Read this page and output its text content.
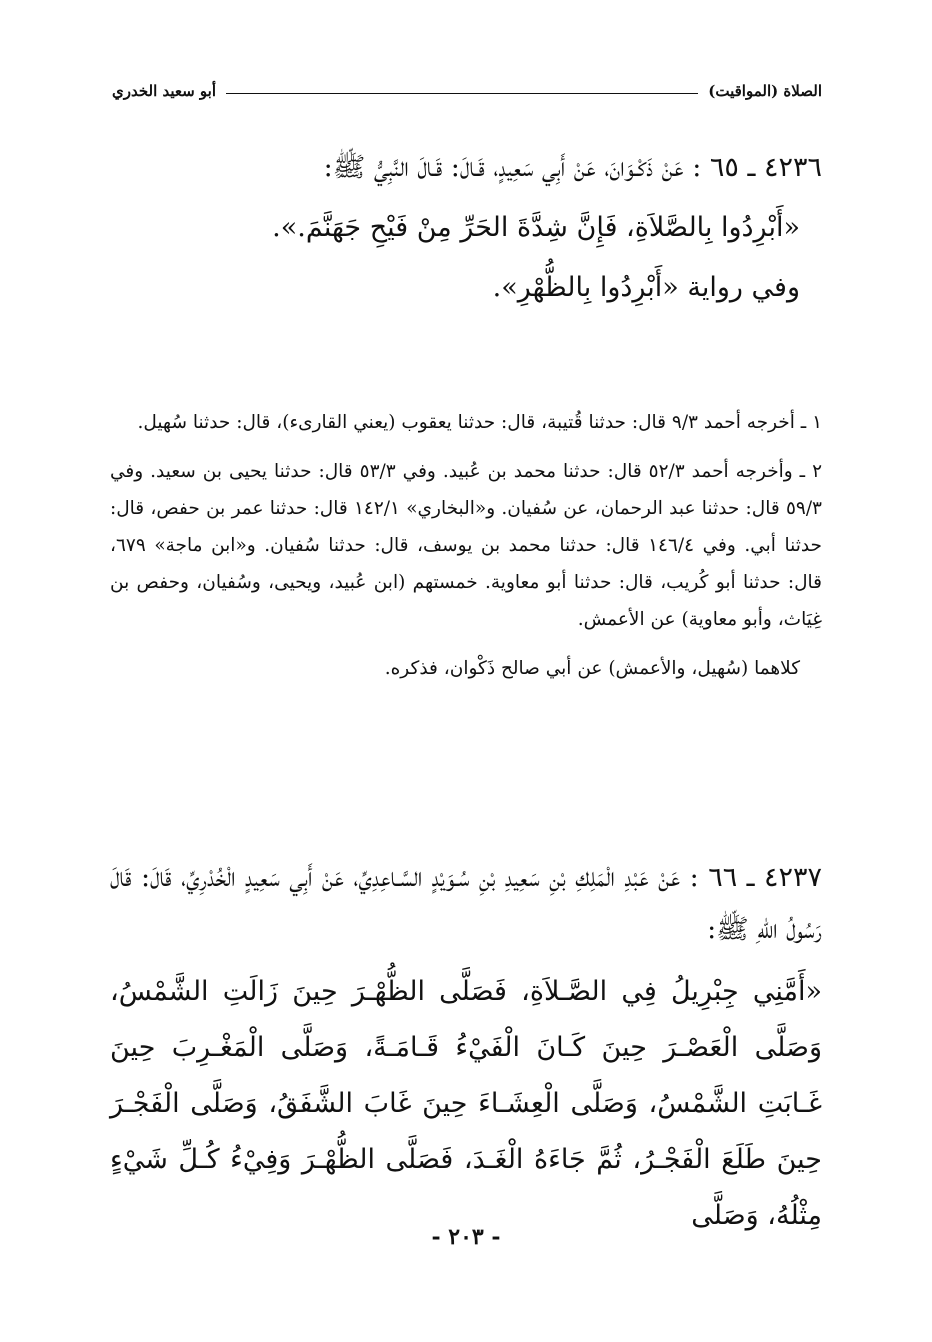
الصلاة (المواقيت)
أبو سعيد الخدري

٤٢٣٦ ـ ٦٥ : عَنْ ذَكْـوَانَ، عَنْ أَبِي سَعِيدٍ، قَـالَ: قَـالَ النَّبِيُّ ﷺ:

«أَبْرِدُوا بِالصَّلاَةِ، فَإِنَّ شِدَّةَ الحَرِّ مِنْ فَيْحِ جَهَنَّمَ.».

وفي رواية «أَبْرِدُوا بِالظُّهْرِ».

١ ـ أخرجه أحمد ٩/٣ قال: حدثنا قُتيبة، قال: حدثنا يعقوب (يعني القارىء)، قال: حدثنا سُهيل.

٢ ـ وأخرجه أحمد ٥٢/٣ قال: حدثنا محمد بن عُبيد. وفي ٥٣/٣ قال: حدثنا يحيى بن سعيد. وفي ٥٩/٣ قال: حدثنا عبد الرحمان، عن سُفيان. و«البخاري» ١٤٢/١ قال: حدثنا عمر بن حفص، قال: حدثنا أبي. وفي ١٤٦/٤ قال: حدثنا محمد بن يوسف، قال: حدثنا سُفيان. و«ابن ماجة» ٦٧٩، قال: حدثنا أبو كُريب، قال: حدثنا أبو معاوية. خمستهم (ابن عُبيد، ويحيى، وسُفيان، وحفص بن غِيَاث، وأبو معاوية) عن الأعمش.

كلاهما (سُهيل، والأعمش) عن أبي صالح ذَكْوان، فذكره.

٤٢٣٧ ـ ٦٦ : عَنْ عَبْدِ الْمَلِكِ بْنِ سَعِيدِ بْنِ سُـوَيْدٍ السَّـاعِدِيِّ، عَنْ أَبِي سَعِيدٍ الْخُدْرِيِّ، قَالَ: قَالَ رَسُولُ اللّهِ ﷺ:

«أَمَّنِي جِبْرِيلُ فِي الصَّـلاَةِ، فَصَلَّى الظُّهْـرَ حِينَ زَالَتِ الشَّمْسُ، وَصَلَّى الْعَصْـرَ حِينَ كَـانَ الْفَيْءُ قَـامَـةً، وَصَلَّى الْمَغْـرِبَ حِينَ غَـابَتِ الشَّمْسُ، وَصَلَّى الْعِشَـاءَ حِينَ غَابَ الشَّفَقُ، وَصَلَّى الْفَجْـرَ حِينَ طَلَعَ الْفَجْـرُ، ثُمَّ جَاءَهُ الْغَـدَ، فَصَلَّى الظُّهْـرَ وَفِيْءُ كُـلِّ شَيْءٍ مِثْلُهُ، وَصَلَّى

- ٢٠٣ -
